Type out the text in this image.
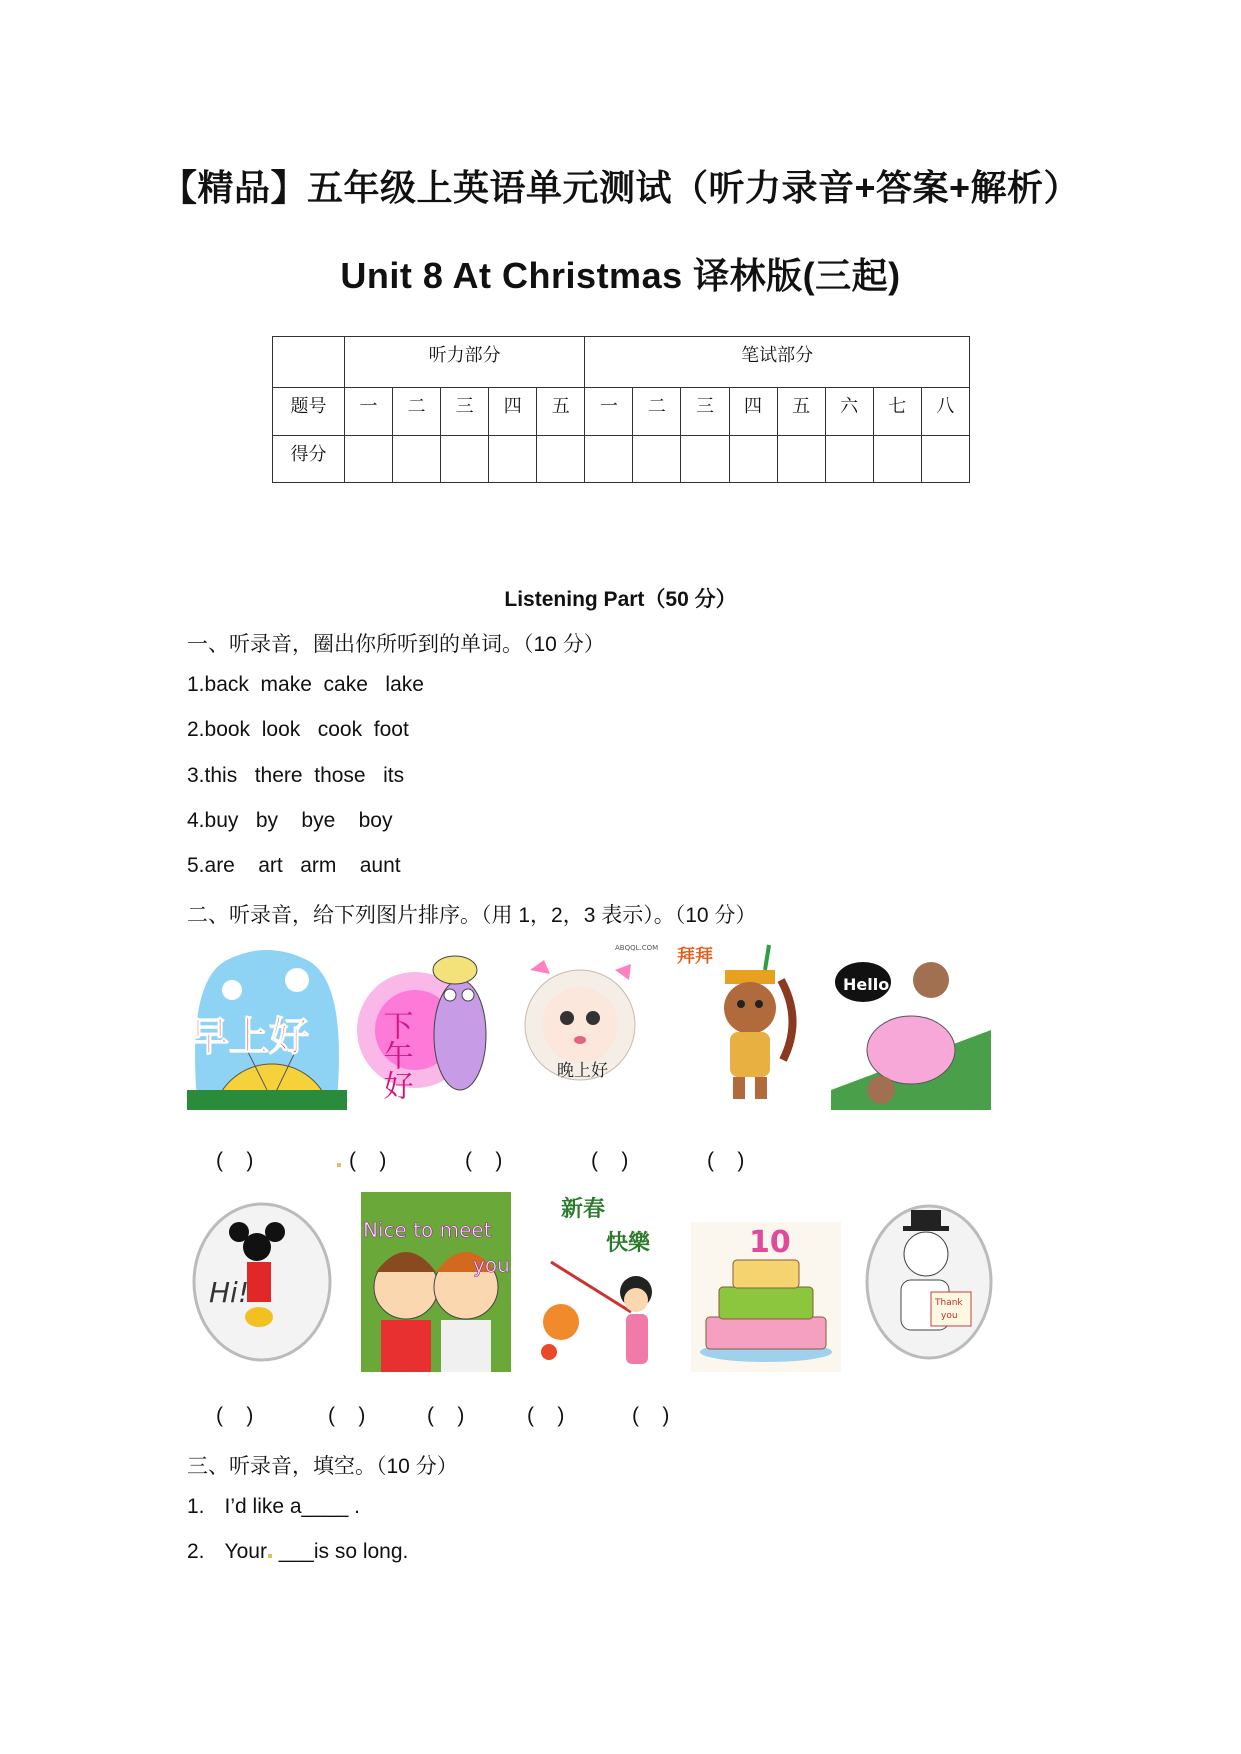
【精品】五年级上英语单元测试（听力录音+答案+解析）
Unit 8 At Christmas 译林版(三起)
	听力部分					笔试部分							
题号	一	二	三	四	五	一	二	三	四	五	六	七	八
得分													
Listening Part（50 分）
一、听录音，圈出你所听到的单词。（10 分）
1.back  make  cake   lake
2.book  look   cook  foot
3.this   there  those   its
4.buy   by    bye    boy
5.are    art   arm    aunt
二、听录音，给下列图片排序。（用 1，2，3 表示）。（10 分）
早上好 下午好
ABQQL.COM
晚上好
拜拜
Hello
(    )	(    )	(    )	(    )	(    )
Hi!
Nice to meet
you
新春
快樂	10
Thank
you
(    )	(    )	(    )	(    )	(    )
三、听录音，填空。（10 分）
1. I’d like a____ .
2. Your ___is so long.
